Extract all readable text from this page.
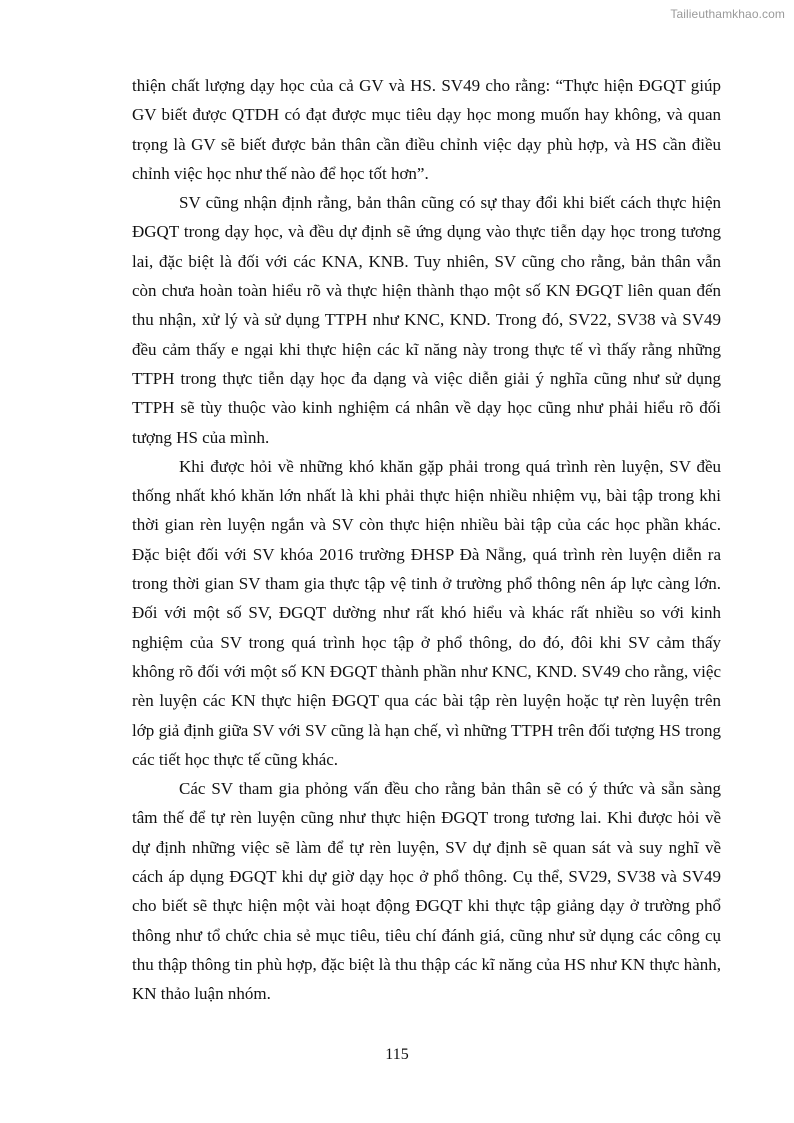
Tailieuthamkhao.com

thiện chất lượng dạy học của cả GV và HS. SV49 cho rằng: “Thực hiện ĐGQT giúp GV biết được QTDH có đạt được mục tiêu dạy học mong muốn hay không, và quan trọng là GV sẽ biết được bản thân cần điều chỉnh việc dạy phù hợp, và HS cần điều chỉnh việc học như thế nào để học tốt hơn”.

SV cũng nhận định rằng, bản thân cũng có sự thay đổi khi biết cách thực hiện ĐGQT trong dạy học, và đều dự định sẽ ứng dụng vào thực tiễn dạy học trong tương lai, đặc biệt là đối với các KNA, KNB. Tuy nhiên, SV cũng cho rằng, bản thân vẫn còn chưa hoàn toàn hiểu rõ và thực hiện thành thạo một số KN ĐGQT liên quan đến thu nhận, xử lý và sử dụng TTPH như KNC, KND. Trong đó, SV22, SV38 và SV49 đều cảm thấy e ngại khi thực hiện các kĩ năng này trong thực tế vì thấy rằng những TTPH trong thực tiễn dạy học đa dạng và việc diễn giải ý nghĩa cũng như sử dụng TTPH sẽ tùy thuộc vào kinh nghiệm cá nhân về dạy học cũng như phải hiểu rõ đối tượng HS của mình.

Khi được hỏi về những khó khăn gặp phải trong quá trình rèn luyện, SV đều thống nhất khó khăn lớn nhất là khi phải thực hiện nhiều nhiệm vụ, bài tập trong khi thời gian rèn luyện ngắn và SV còn thực hiện nhiều bài tập của các học phần khác. Đặc biệt đối với SV khóa 2016 trường ĐHSP Đà Nẵng, quá trình rèn luyện diễn ra trong thời gian SV tham gia thực tập vệ tinh ở trường phổ thông nên áp lực càng lớn. Đối với một số SV, ĐGQT dường như rất khó hiểu và khác rất nhiều so với kinh nghiệm của SV trong quá trình học tập ở phổ thông, do đó, đôi khi SV cảm thấy không rõ đối với một số KN ĐGQT thành phần như KNC, KND. SV49 cho rằng, việc rèn luyện các KN thực hiện ĐGQT qua các bài tập rèn luyện hoặc tự rèn luyện trên lớp giả định giữa SV với SV cũng là hạn chế, vì những TTPH trên đối tượng HS trong các tiết học thực tế cũng khác.

Các SV tham gia phỏng vấn đều cho rằng bản thân sẽ có ý thức và sẵn sàng tâm thế để tự rèn luyện cũng như thực hiện ĐGQT trong tương lai. Khi được hỏi về dự định những việc sẽ làm để tự rèn luyện, SV dự định sẽ quan sát và suy nghĩ về cách áp dụng ĐGQT khi dự giờ dạy học ở phổ thông. Cụ thể, SV29, SV38 và SV49 cho biết sẽ thực hiện một vài hoạt động ĐGQT khi thực tập giảng dạy ở trường phổ thông như tổ chức chia sẻ mục tiêu, tiêu chí đánh giá, cũng như sử dụng các công cụ thu thập thông tin phù hợp, đặc biệt là thu thập các kĩ năng của HS như KN thực hành, KN thảo luận nhóm.

115
